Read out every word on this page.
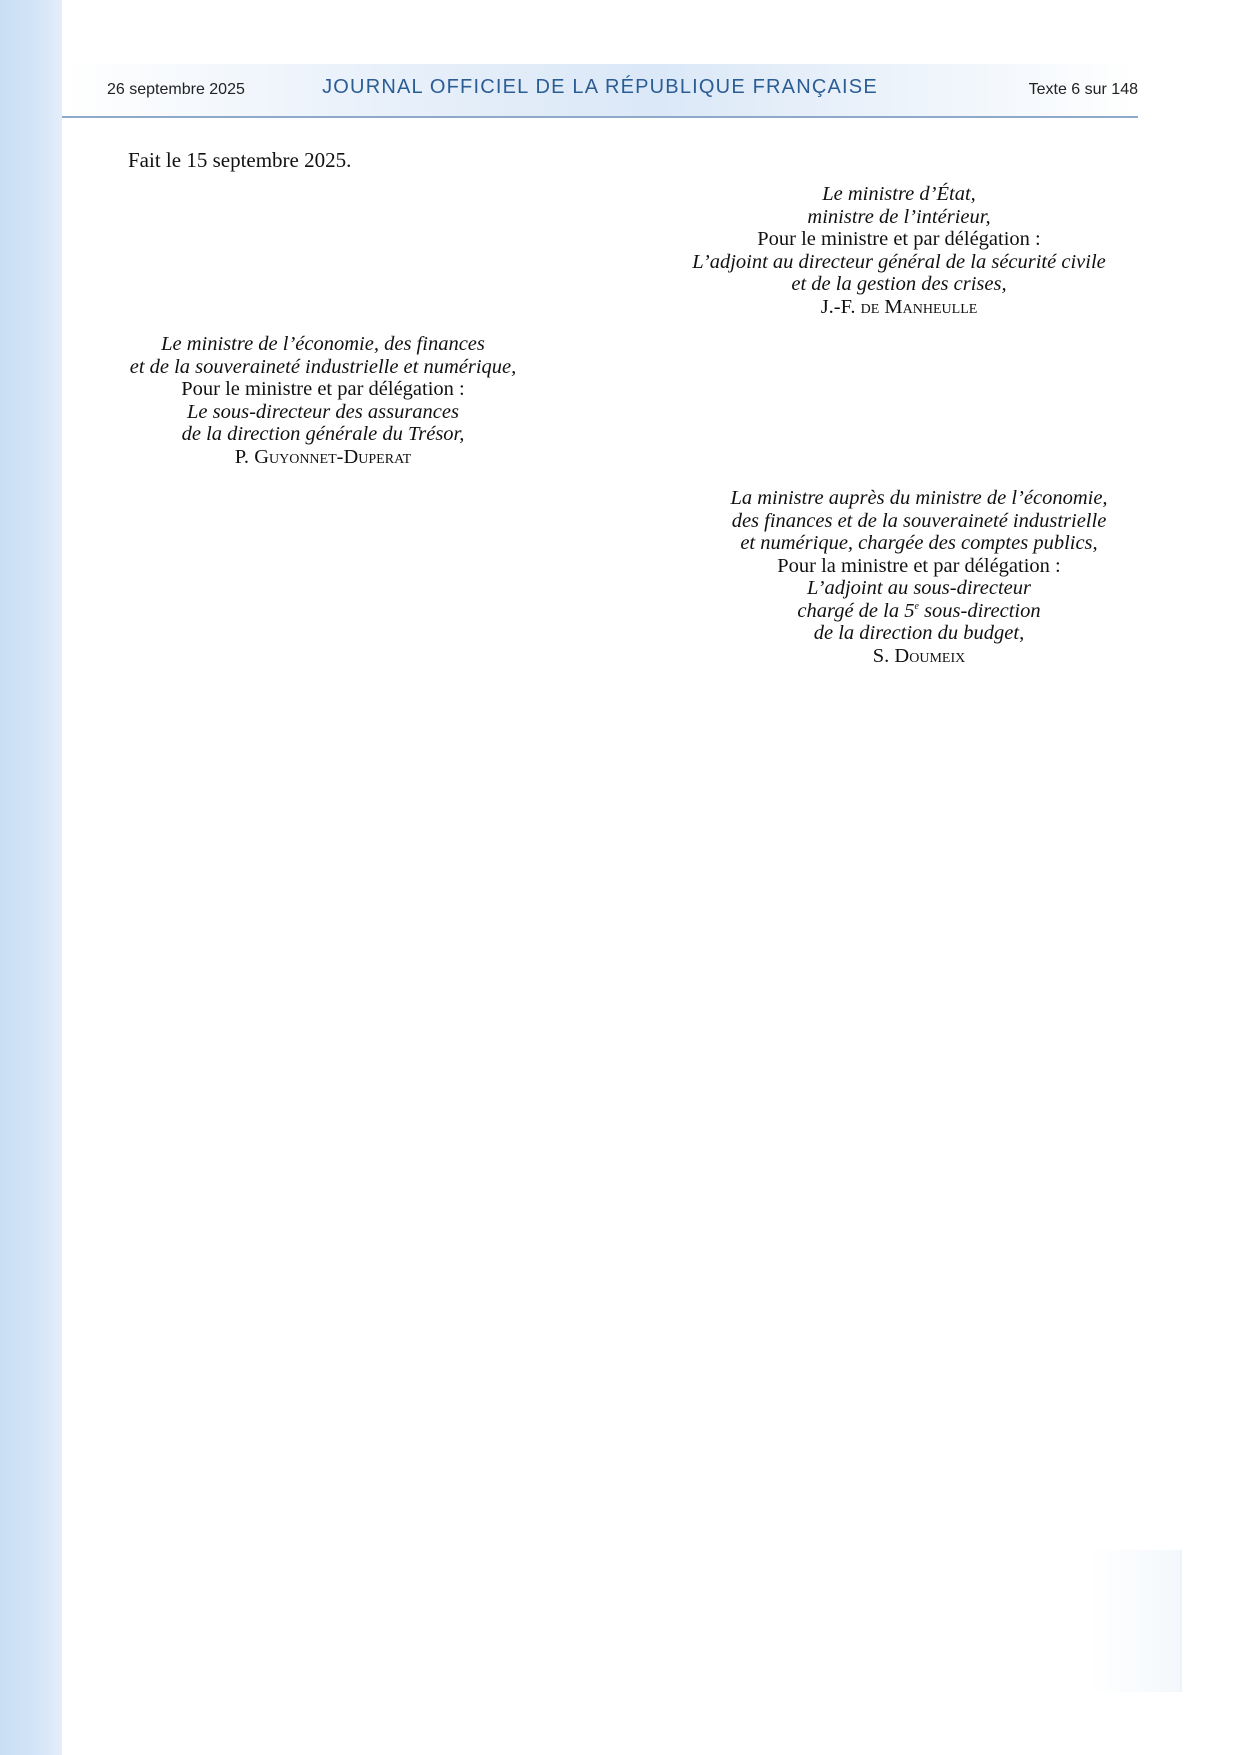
26 septembre 2025	JOURNAL OFFICIEL DE LA RÉPUBLIQUE FRANÇAISE	Texte 6 sur 148
Fait le 15 septembre 2025.
Le ministre d’État,
ministre de l’intérieur,
Pour le ministre et par délégation :
L’adjoint au directeur général de la sécurité civile
et de la gestion des crises,
J.-F. de Manheulle
Le ministre de l’économie, des finances
et de la souveraineté industrielle et numérique,
Pour le ministre et par délégation :
Le sous-directeur des assurances
de la direction générale du Trésor,
P. Guyonnet-Duperat
La ministre auprès du ministre de l’économie,
des finances et de la souveraineté industrielle
et numérique, chargée des comptes publics,
Pour la ministre et par délégation :
L’adjoint au sous-directeur
chargé de la 5e sous-direction
de la direction du budget,
S. Doumeix
